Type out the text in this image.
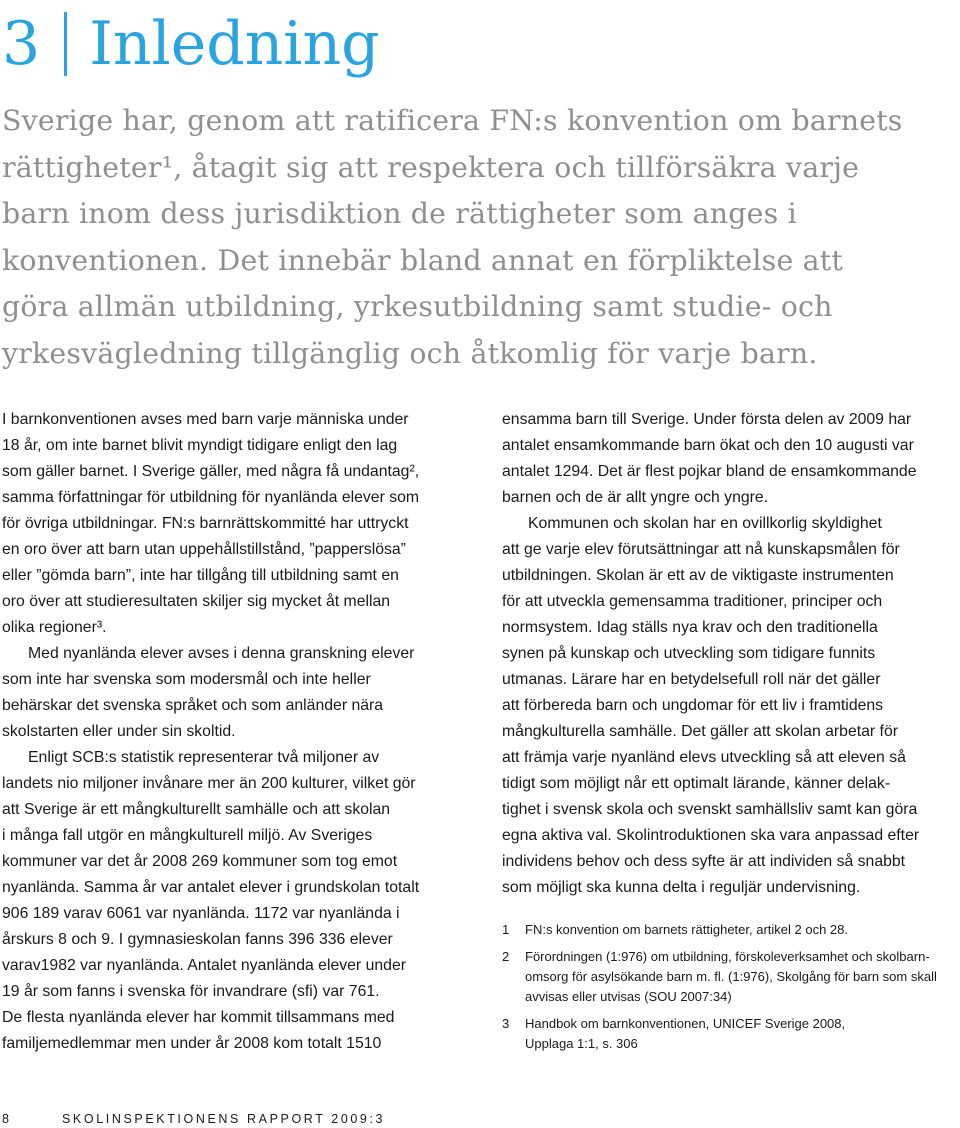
3 Inledning

Sverige har, genom att ratificera FN:s konvention om barnets

rättigheter¹, åtagit sig att respektera och tillförsäkra varje

barn inom dess jurisdiktion de rättigheter som anges i

konventionen. Det innebär bland annat en förpliktelse att

göra allmän utbildning, yrkesutbildning samt studie- och

yrkesvägledning tillgänglig och åtkomlig för varje barn.

I barnkonventionen avses med barn varje människa under

18 år, om inte barnet blivit myndigt tidigare enligt den lag

som gäller barnet. I Sverige gäller, med några få undantag²,

samma författningar för utbildning för nyanlända elever som

för övriga utbildningar. FN:s barnrättskommitté har uttryckt

en oro över att barn utan uppehållstillstånd, ”papperslösa”

eller ”gömda barn”, inte har tillgång till utbildning samt en

oro över att studieresultaten skiljer sig mycket åt mellan

olika regioner³.

Med nyanlända elever avses i denna granskning elever

som inte har svenska som modersmål och inte heller

behärskar det svenska språket och som anländer nära

skolstarten eller under sin skoltid.

Enligt SCB:s statistik representerar två miljoner av

landets nio miljoner invånare mer än 200 kulturer, vilket gör

att Sverige är ett mångkulturellt samhälle och att skolan

i många fall utgör en mångkulturell miljö. Av Sveriges

kommuner var det år 2008 269 kommuner som tog emot

nyanlända. Samma år var antalet elever i grundskolan totalt

906 189 varav 6061 var nyanlända. 1172 var nyanlända i

årskurs 8 och 9. I gymnasieskolan fanns 396 336 elever

varav1982 var nyanlända. Antalet nyanlända elever under

19 år som fanns i svenska för invandrare (sfi) var 761.

De flesta nyanlända elever har kommit tillsammans med

familjemedlemmar men under år 2008 kom totalt 1510

ensamma barn till Sverige. Under första delen av 2009 har

antalet ensamkommande barn ökat och den 10 augusti var

antalet 1294. Det är flest pojkar bland de ensamkommande

barnen och de är allt yngre och yngre.

Kommunen och skolan har en ovillkorlig skyldighet

att ge varje elev förutsättningar att nå kunskapsmålen för

utbildningen. Skolan är ett av de viktigaste instrumenten

för att utveckla gemensamma traditioner, principer och

normsystem. Idag ställs nya krav och den traditionella

synen på kunskap och utveckling som tidigare funnits

utmanas. Lärare har en betydelsefull roll när det gäller

att förbereda barn och ungdomar för ett liv i framtidens

mångkulturella samhälle. Det gäller att skolan arbetar för

att främja varje nyanländ elevs utveckling så att eleven så

tidigt som möjligt når ett optimalt lärande, känner delak-

tighet i svensk skola och svenskt samhällsliv samt kan göra

egna aktiva val. Skolintroduktionen ska vara anpassad efter

individens behov och dess syfte är att individen så snabbt

som möjligt ska kunna delta i reguljär undervisning.

1 FN:s konvention om barnets rättigheter, artikel 2 och 28.

2 Förordningen (1:976) om utbildning, förskoleverksamhet och skolbarn-

omsorg för asylsökande barn m. fl. (1:976), Skolgång för barn som skall

avvisas eller utvisas (SOU 2007:34)

3 Handbok om barnkonventionen, UNICEF Sverige 2008,

Upplaga 1:1, s. 306

8	SKOLINSPEKTIONENS RAPPORT 2009:3
